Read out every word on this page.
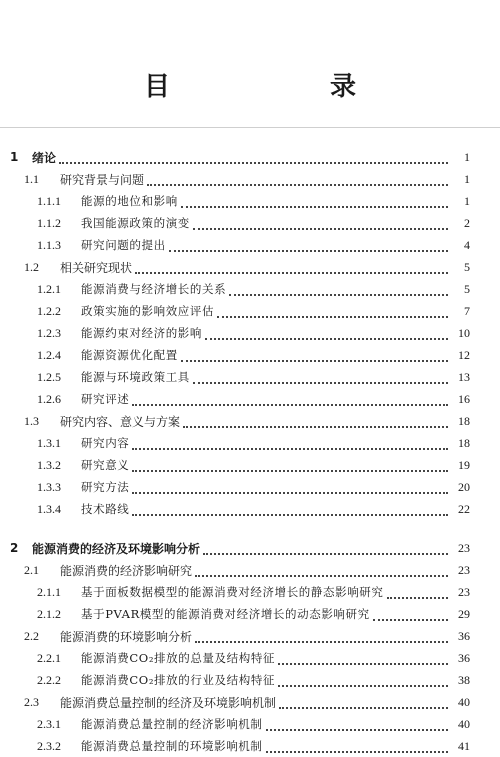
目　　录
1	绪论	1
1.1	研究背景与问题	1
1.1.1	能源的地位和影响	1
1.1.2	我国能源政策的演变	2
1.1.3	研究问题的提出	4
1.2	相关研究现状	5
1.2.1	能源消费与经济增长的关系	5
1.2.2	政策实施的影响效应评估	7
1.2.3	能源约束对经济的影响	10
1.2.4	能源资源优化配置	12
1.2.5	能源与环境政策工具	13
1.2.6	研究评述	16
1.3	研究内容、意义与方案	18
1.3.1	研究内容	18
1.3.2	研究意义	19
1.3.3	研究方法	20
1.3.4	技术路线	22
2	能源消费的经济及环境影响分析	23
2.1	能源消费的经济影响研究	23
2.1.1	基于面板数据模型的能源消费对经济增长的静态影响研究	23
2.1.2	基于PVAR模型的能源消费对经济增长的动态影响研究	29
2.2	能源消费的环境影响分析	36
2.2.1	能源消费CO₂排放的总量及结构特征	36
2.2.2	能源消费CO₂排放的行业及结构特征	38
2.3	能源消费总量控制的经济及环境影响机制	40
2.3.1	能源消费总量控制的经济影响机制	40
2.3.2	能源消费总量控制的环境影响机制	41
